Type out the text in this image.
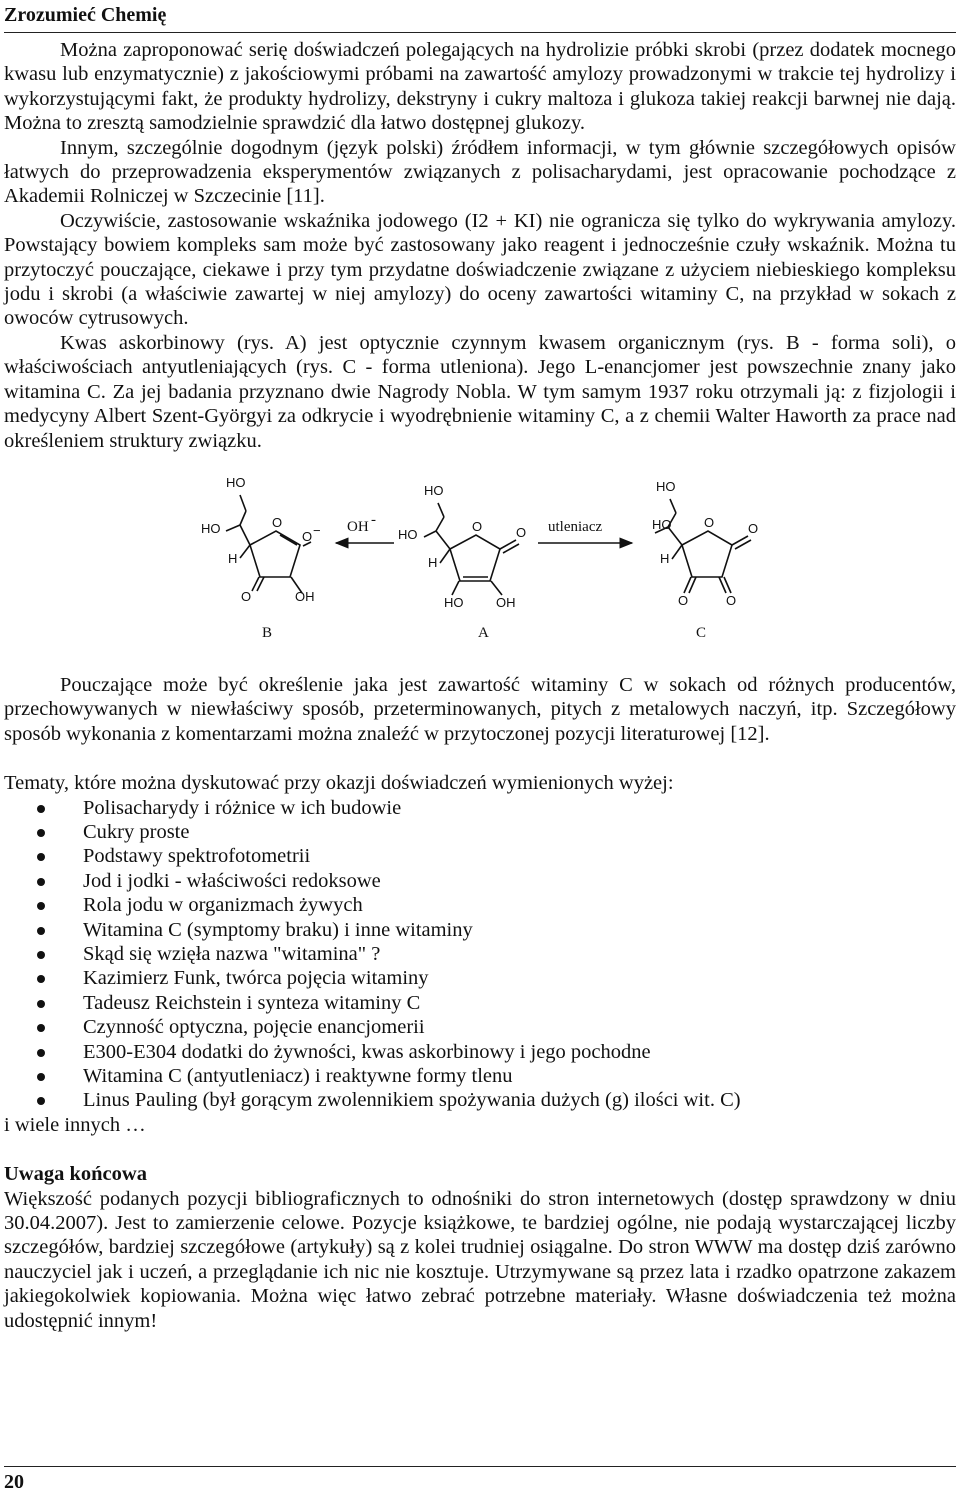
Zrozumieć Chemię

Można zaproponować serię doświadczeń polegających na hydrolizie próbki skrobi (przez dodatek mocnego kwasu lub enzymatycznie) z jakościowymi próbami na zawartość amylozy prowadzonymi w trakcie tej hydrolizy i wykorzystującymi fakt, że produkty hydrolizy, dekstryny i cukry maltoza i glukoza takiej reakcji barwnej nie dają. Można to zresztą samodzielnie sprawdzić dla łatwo dostępnej glukozy.

Innym, szczególnie dogodnym (język polski) źródłem informacji, w tym głównie szczegółowych opisów łatwych do przeprowadzenia eksperymentów związanych z polisacharydami, jest opracowanie pochodzące z Akademii Rolniczej w Szczecinie [11].

Oczywiście, zastosowanie wskaźnika jodowego (I2 + KI) nie ogranicza się tylko do wykrywania amylozy. Powstający bowiem kompleks sam może być zastosowany jako reagent i jednocześnie czuły wskaźnik. Można tu przytoczyć pouczające, ciekawe i przy tym przydatne doświadczenie związane z użyciem niebieskiego kompleksu jodu i skrobi (a właściwie zawartej w niej amylozy) do oceny zawartości witaminy C, na przykład w sokach z owoców cytrusowych.

Kwas askorbinowy (rys. A) jest optycznie czynnym kwasem organicznym (rys. B - forma soli), o właściwościach antyutleniających (rys. C - forma utleniona). Jego L-enancjomer jest powszechnie znany jako witamina C. Za jej badania przyznano dwie Nagrody Nobla. W tym samym 1937 roku otrzymali ją: z fizjologii i medycyny Albert Szent-Györgyi za odkrycie i wyodrębnienie witaminy C, a z chemii Walter Haworth za prace nad określeniem struktury związku.

HO
HO
H
O
O −
O	OH
OH -
HO
HO
H
O	O
HO	OH
utleniacz
HO
HO
H
O	O
O	O
B	A	C

Pouczające może być określenie jaka jest zawartość witaminy C w sokach od różnych producentów, przechowywanych w niewłaściwy sposób, przeterminowanych, pitych z metalowych naczyń, itp. Szczegółowy sposób wykonania z komentarzami można znaleźć w przytoczonej pozycji literaturowej [12].

Tematy, które można dyskutować przy okazji doświadczeń wymienionych wyżej:

Polisacharydy i różnice w ich budowie
Cukry proste
Podstawy spektrofotometrii
Jod i jodki - właściwości redoksowe
Rola jodu w organizmach żywych
Witamina C (symptomy braku) i inne witaminy
Skąd się wzięła nazwa "witamina" ?
Kazimierz Funk, twórca pojęcia witaminy
Tadeusz Reichstein i synteza witaminy C
Czynność optyczna, pojęcie enancjomerii
E300-E304 dodatki do żywności, kwas askorbinowy i jego pochodne
Witamina C (antyutleniacz) i reaktywne formy tlenu
Linus Pauling (był gorącym zwolennikiem spożywania dużych (g) ilości wit. C)

i wiele innych …

Uwaga końcowa

Większość podanych pozycji bibliograficznych to odnośniki do stron internetowych (dostęp sprawdzony w dniu 30.04.2007). Jest to zamierzenie celowe. Pozycje książkowe, te bardziej ogólne, nie podają wystarczającej liczby szczegółów, bardziej szczegółowe (artykuły) są z kolei trudniej osiągalne. Do stron WWW ma dostęp dziś zarówno nauczyciel jak i uczeń, a przeglądanie ich nic nie kosztuje. Utrzymywane są przez lata i rzadko opatrzone zakazem jakiegokolwiek kopiowania. Można więc łatwo zebrać potrzebne materiały. Własne doświadczenia też można udostępnić innym!

20
